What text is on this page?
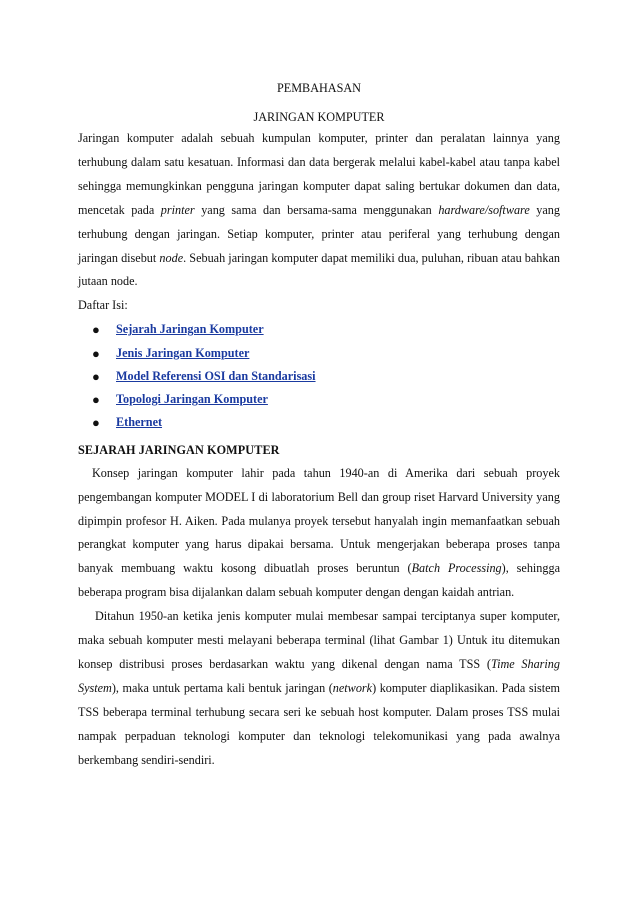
PEMBAHASAN
JARINGAN KOMPUTER

Jaringan komputer adalah sebuah kumpulan komputer, printer dan peralatan lainnya yang terhubung dalam satu kesatuan. Informasi dan data bergerak melalui kabel-kabel atau tanpa kabel sehingga memungkinkan pengguna jaringan komputer dapat saling bertukar dokumen dan data, mencetak pada printer yang sama dan bersama-sama menggunakan hardware/software yang terhubung dengan jaringan. Setiap komputer, printer atau periferal yang terhubung dengan jaringan disebut node. Sebuah jaringan komputer dapat memiliki dua, puluhan, ribuan atau bahkan jutaan node.

Daftar Isi:
●	Sejarah Jaringan Komputer
●	Jenis Jaringan Komputer
●	Model Referensi OSI dan Standarisasi
●	Topologi Jaringan Komputer
●	Ethernet
SEJARAH JARINGAN KOMPUTER

Konsep jaringan komputer lahir pada tahun 1940-an di Amerika dari sebuah proyek pengembangan komputer MODEL I di laboratorium Bell dan group riset Harvard University yang dipimpin profesor H. Aiken. Pada mulanya proyek tersebut hanyalah ingin memanfaatkan sebuah perangkat komputer yang harus dipakai bersama. Untuk mengerjakan beberapa proses tanpa banyak membuang waktu kosong dibuatlah proses beruntun (Batch Processing), sehingga beberapa program bisa dijalankan dalam sebuah komputer dengan dengan kaidah antrian.

Ditahun 1950-an ketika jenis komputer mulai membesar sampai terciptanya super komputer, maka sebuah komputer mesti melayani beberapa terminal (lihat Gambar 1) Untuk itu ditemukan konsep distribusi proses berdasarkan waktu yang dikenal dengan nama TSS (Time Sharing System), maka untuk pertama kali bentuk jaringan (network) komputer diaplikasikan. Pada sistem TSS beberapa terminal terhubung secara seri ke sebuah host komputer. Dalam proses TSS mulai nampak perpaduan teknologi komputer dan teknologi telekomunikasi yang pada awalnya berkembang sendiri-sendiri.
